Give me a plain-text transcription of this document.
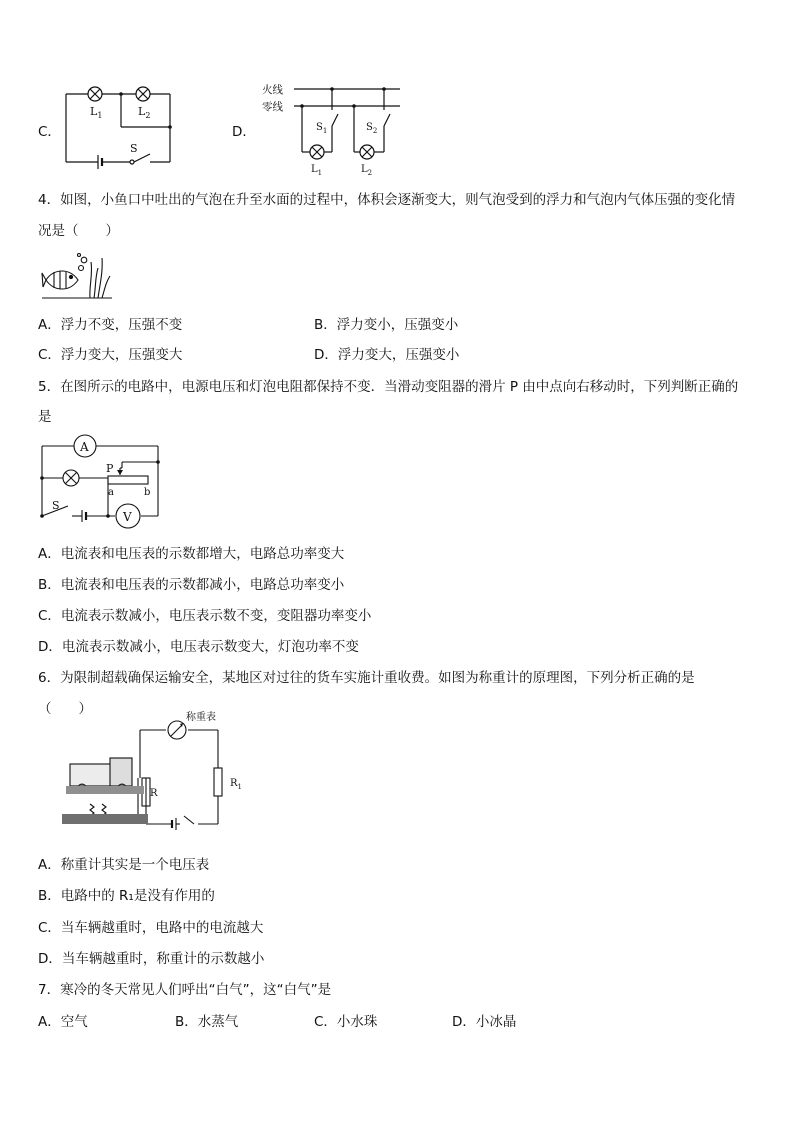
C．
$L_1$	$L_2$
S
D．
火线
零线
$S_1$	$S_2$
$L_1$	$L_2$
4．如图，小鱼口中吐出的气泡在升至水面的过程中，体积会逐渐变大，则气泡受到的浮力和气泡内气体压强的变化情
况是（　　）
A．浮力不变，压强不变	B．浮力变小，压强变小
C．浮力变大，压强变大	D．浮力变大，压强变小
5．在图所示的电路中，电源电压和灯泡电阻都保持不变．当滑动变阻器的滑片 P 由中点向右移动时，下列判断正确的
是
A
V
P
a	b
S
A．电流表和电压表的示数都增大，电路总功率变大
B．电流表和电压表的示数都减小，电路总功率变小
C．电流表示数减小，电压表示数不变，变阻器功率变小
D．电流表示数减小，电压表示数变大，灯泡功率不变
6．为限制超载确保运输安全，某地区对过往的货车实施计重收费。如图为称重计的原理图，下列分析正确的是
（　　）
R
$R_1$
称重表
A．称重计其实是一个电压表
B．电路中的 R₁是没有作用的
C．当车辆越重时，电路中的电流越大
D．当车辆越重时，称重计的示数越小
7．寒冷的冬天常见人们呼出“白气”，这“白气”是
A．空气	B．水蒸气	C．小水珠	D．小冰晶
